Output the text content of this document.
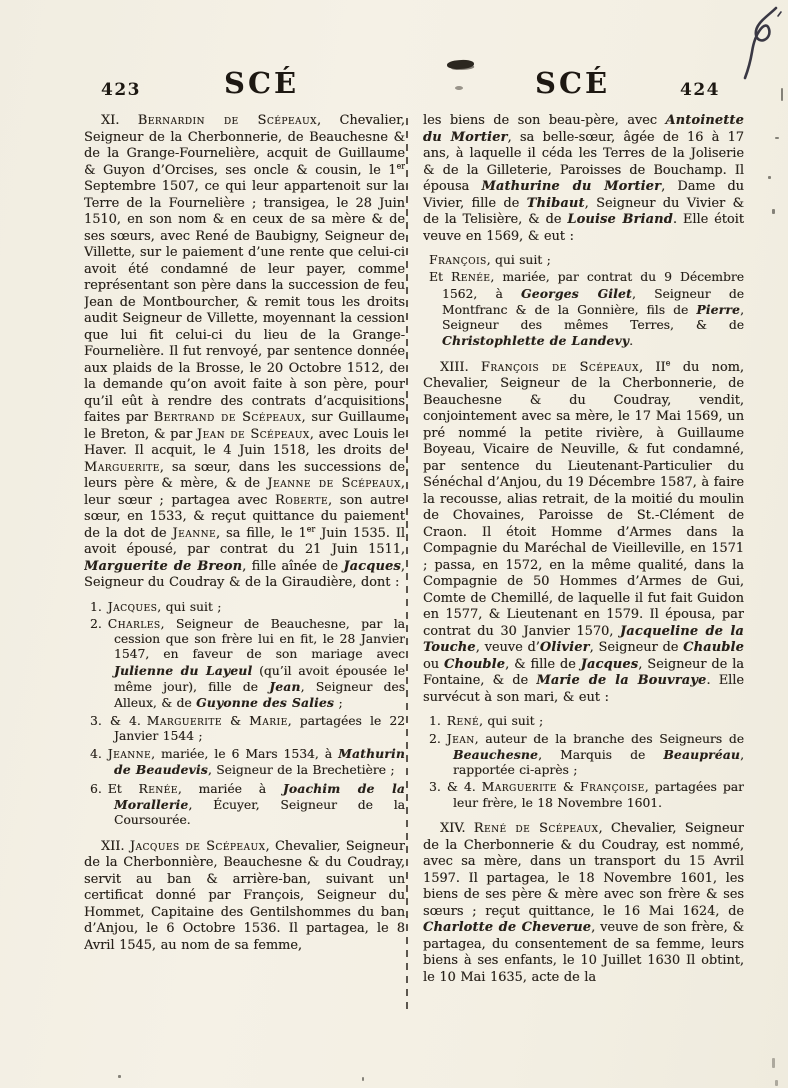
423	SCÉ	SCÉ	424

XI. Bernardin de Scépeaux, Chevalier, Seigneur de la Cherbonnerie, de Beauchesne & de la Grange-Fournelière, acquit de Guillaume & Guyon d’Orcises, ses oncle & cousin, le 1er Septembre 1507, ce qui leur appartenoit sur la Terre de la Fournelière ; transigea, le 28 Juin 1510, en son nom & en ceux de sa mère & de ses sœurs, avec René de Baubigny, Seigneur de Villette, sur le paiement d’une rente que celui-ci avoit été condamné de leur payer, comme représentant son père dans la succession de feu Jean de Montbourcher, & remit tous les droits audit Seigneur de Villette, moyennant la cession que lui fit celui-ci du lieu de la Grange-Fournelière. Il fut renvoyé, par sentence donnée aux plaids de la Brosse, le 20 Octobre 1512, de la demande qu’on avoit faite à son père, pour qu’il eût à rendre des contrats d’acquisitions faites par Bertrand de Scépeaux, sur Guillaume le Breton, & par Jean de Scépeaux, avec Louis le Haver. Il acquit, le 4 Juin 1518, les droits de Marguerite, sa sœur, dans les successions de leurs père & mère, & de Jeanne de Scépeaux, leur sœur ; partagea avec Roberte, son autre sœur, en 1533, & reçut quittance du paiement de la dot de Jeanne, sa fille, le 1er Juin 1535. Il avoit épousé, par contrat du 21 Juin 1511, Marguerite de Breon, fille aînée de Jacques, Seigneur du Coudray & de la Giraudière, dont :

1. Jacques, qui suit ;
2. Charles, Seigneur de Beauchesne, par la cession que son frère lui en fit, le 28 Janvier 1547, en faveur de son mariage avec Julienne du Layeul (qu’il avoit épousée le même jour), fille de Jean, Seigneur des Alleux, & de Guyonne des Salies ;
3. & 4. Marguerite & Marie, partagées le 22 Janvier 1544 ;
4. Jeanne, mariée, le 6 Mars 1534, à Mathurin de Beaudevis, Seigneur de la Brechetière ;
6. Et Renée, mariée à Joachim de la Morallerie, Écuyer, Seigneur de la Coursourée.

XII. Jacques de Scépeaux, Chevalier, Seigneur de la Cherbonnière, Beauchesne & du Coudray, servit au ban & arrière-ban, suivant un certificat donné par François, Seigneur du Hommet, Capitaine des Gentilshommes du ban d’Anjou, le 6 Octobre 1536. Il partagea, le 8 Avril 1545, au nom de sa femme,

les biens de son beau-père, avec Antoinette du Mortier, sa belle-sœur, âgée de 16 à 17 ans, à laquelle il céda les Terres de la Joliserie & de la Gilleterie, Paroisses de Bouchamp. Il épousa Mathurine du Mortier, Dame du Vivier, fille de Thibaut, Seigneur du Vivier & de la Telisière, & de Louise Briand. Elle étoit veuve en 1569, & eut :

François, qui suit ;
Et Renée, mariée, par contrat du 9 Décembre 1562, à Georges Gilet, Seigneur de Montfranc & de la Gonnière, fils de Pierre, Seigneur des mêmes Terres, & de Christophlette de Landevy.

XIII. François de Scépeaux, IIe du nom, Chevalier, Seigneur de la Cherbonnerie, de Beauchesne & du Coudray, vendit, conjointement avec sa mère, le 17 Mai 1569, un pré nommé la petite rivière, à Guillaume Boyeau, Vicaire de Neuville, & fut condamné, par sentence du Lieutenant-Particulier du Sénéchal d’Anjou, du 19 Décembre 1587, à faire la recousse, alias retrait, de la moitié du moulin de Chovaines, Paroisse de St.-Clément de Craon. Il étoit Homme d’Armes dans la Compagnie du Maréchal de Vieilleville, en 1571 ; passa, en 1572, en la même qualité, dans la Compagnie de 50 Hommes d’Armes de Gui, Comte de Chemillé, de laquelle il fut fait Guidon en 1577, & Lieutenant en 1579. Il épousa, par contrat du 30 Janvier 1570, Jacqueline de la Touche, veuve d’Olivier, Seigneur de Chauble ou Chouble, & fille de Jacques, Seigneur de la Fontaine, & de Marie de la Bouvraye. Elle survécut à son mari, & eut :

1. René, qui suit ;
2. Jean, auteur de la branche des Seigneurs de Beauchesne, Marquis de Beaupréau, rapportée ci-après ;
3. & 4. Marguerite & Françoise, partagées par leur frère, le 18 Novembre 1601.

XIV. René de Scépeaux, Chevalier, Seigneur de la Cherbonnerie & du Coudray, est nommé, avec sa mère, dans un transport du 15 Avril 1597. Il partagea, le 18 Novembre 1601, les biens de ses père & mère avec son frère & ses sœurs ; reçut quittance, le 16 Mai 1624, de Charlotte de Cheverue, veuve de son frère, & partagea, du consentement de sa femme, leurs biens à ses enfants, le 10 Juillet 1630 Il obtint, le 10 Mai 1635, acte de la
